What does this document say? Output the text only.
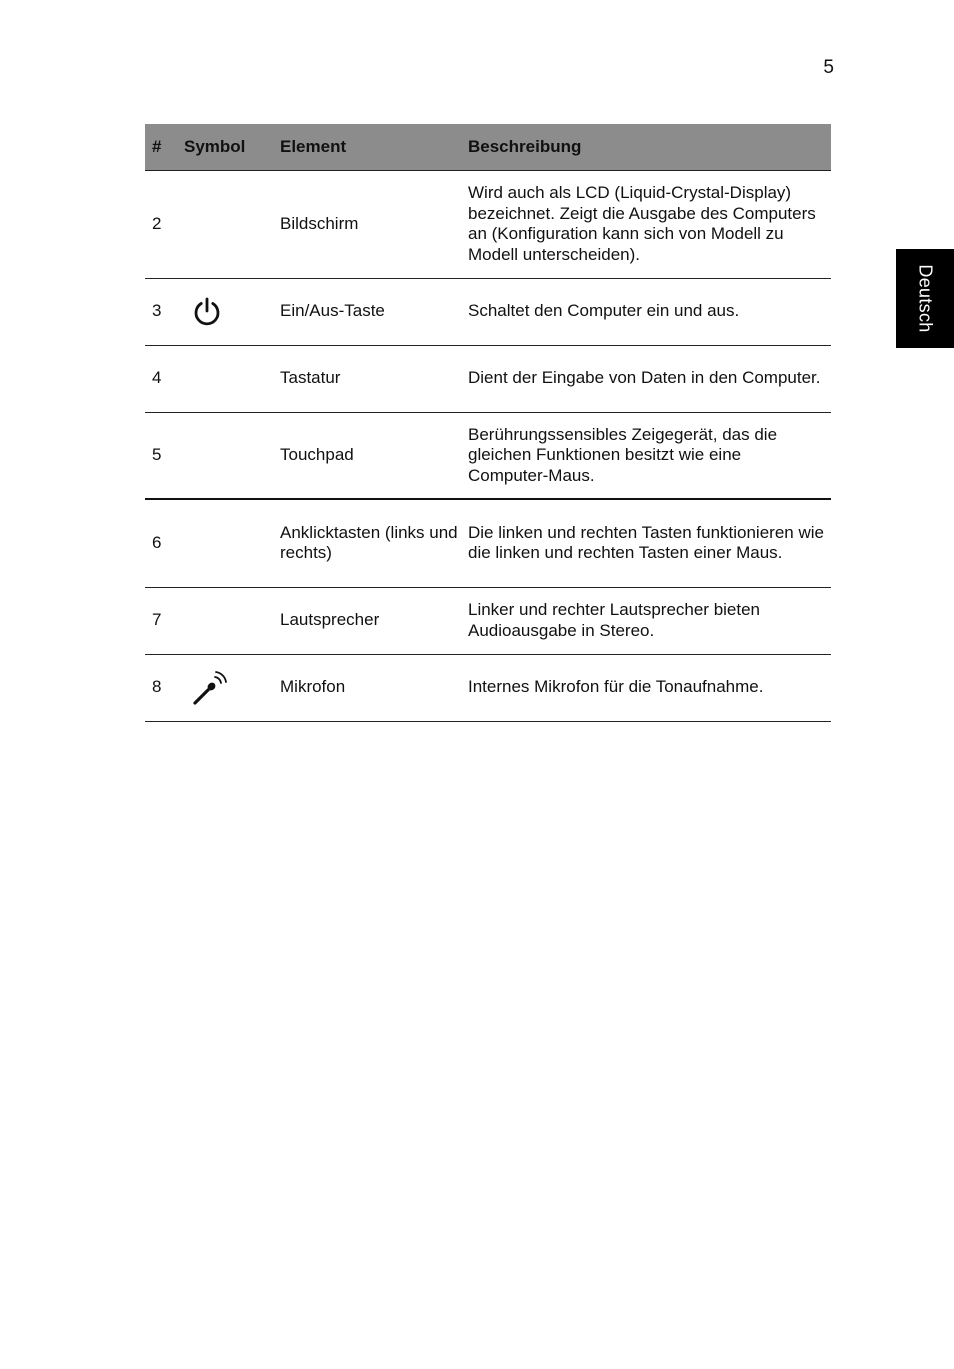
5
Deutsch
#	Symbol	Element	Beschreibung
2		Bildschirm	Wird auch als LCD (Liquid-Crystal-Display) bezeichnet. Zeigt die Ausgabe des Computers an (Konfiguration kann sich von Modell zu Modell unterscheiden).
3		Ein/Aus-Taste	Schaltet den Computer ein und aus.
4		Tastatur	Dient der Eingabe von Daten in den Computer.
5		Touchpad	Berührungssensibles Zeigegerät, das die gleichen Funktionen besitzt wie eine Computer-Maus.
6		Anklicktasten (links und rechts)	Die linken und rechten Tasten funktionieren wie die linken und rechten Tasten einer Maus.
7		Lautsprecher	Linker und rechter Lautsprecher bieten Audioausgabe in Stereo.
8		Mikrofon	Internes Mikrofon für die Tonaufnahme.
